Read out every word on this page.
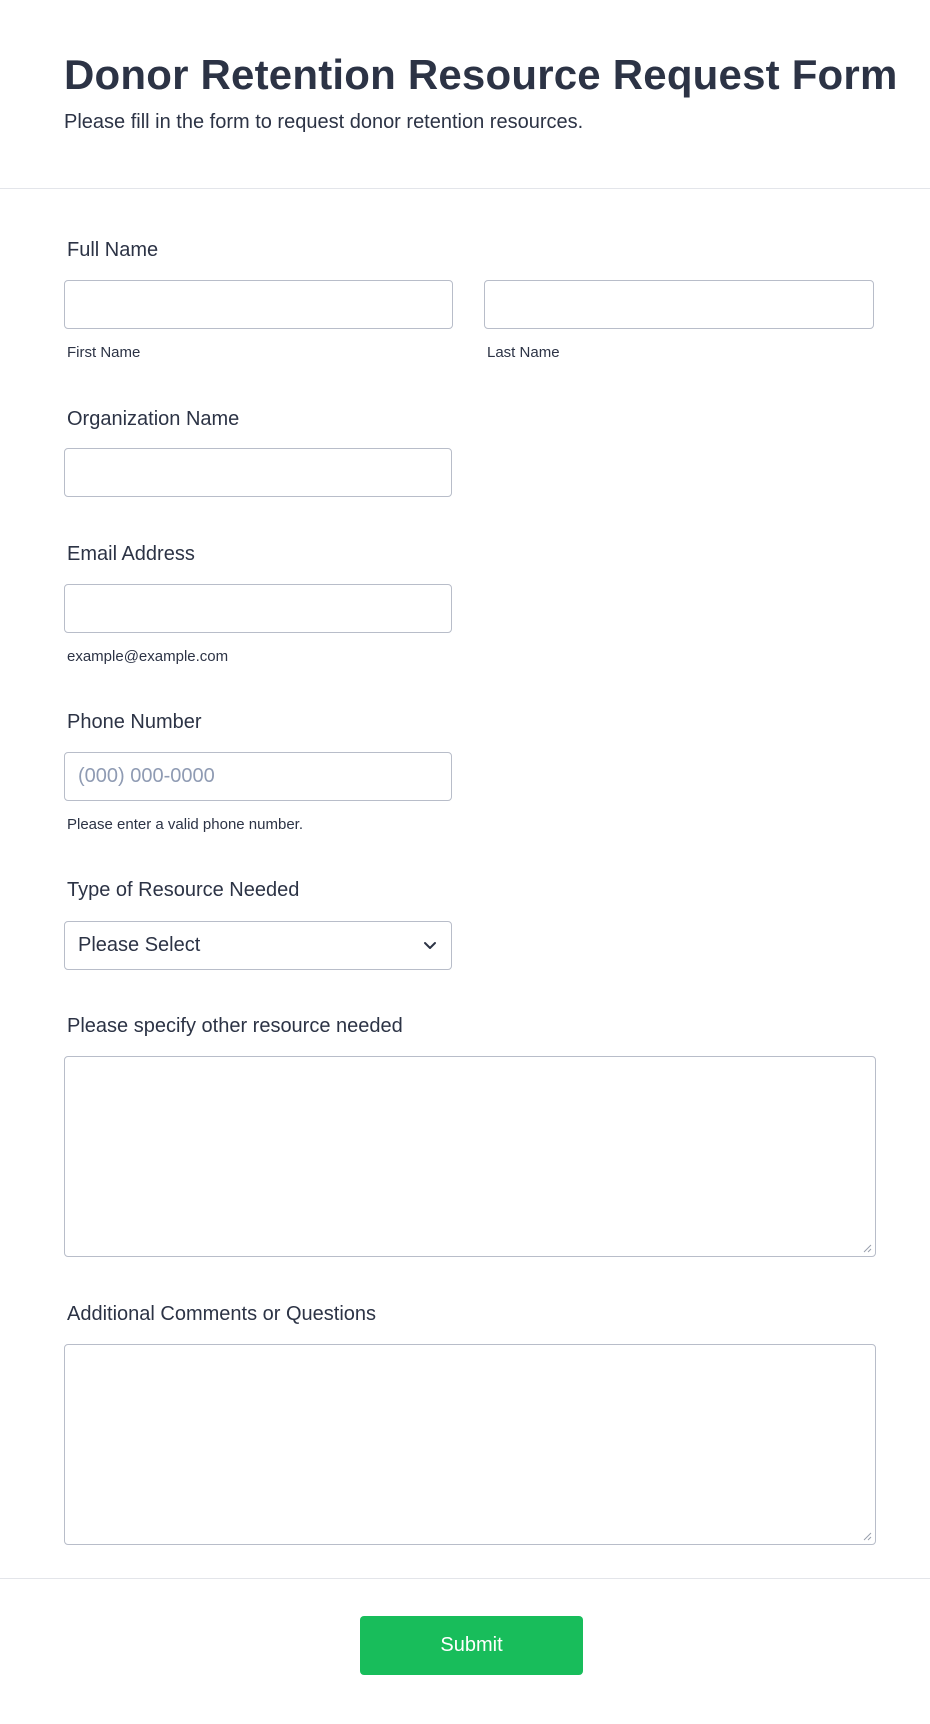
Donor Retention Resource Request Form

Please fill in the form to request donor retention resources.

Full Name
First Name	Last Name
Organization Name
Email Address
example@example.com
Phone Number
(000) 000-0000
Please enter a valid phone number.
Type of Resource Needed
Please Select
Please specify other resource needed
Additional Comments or Questions
Submit
